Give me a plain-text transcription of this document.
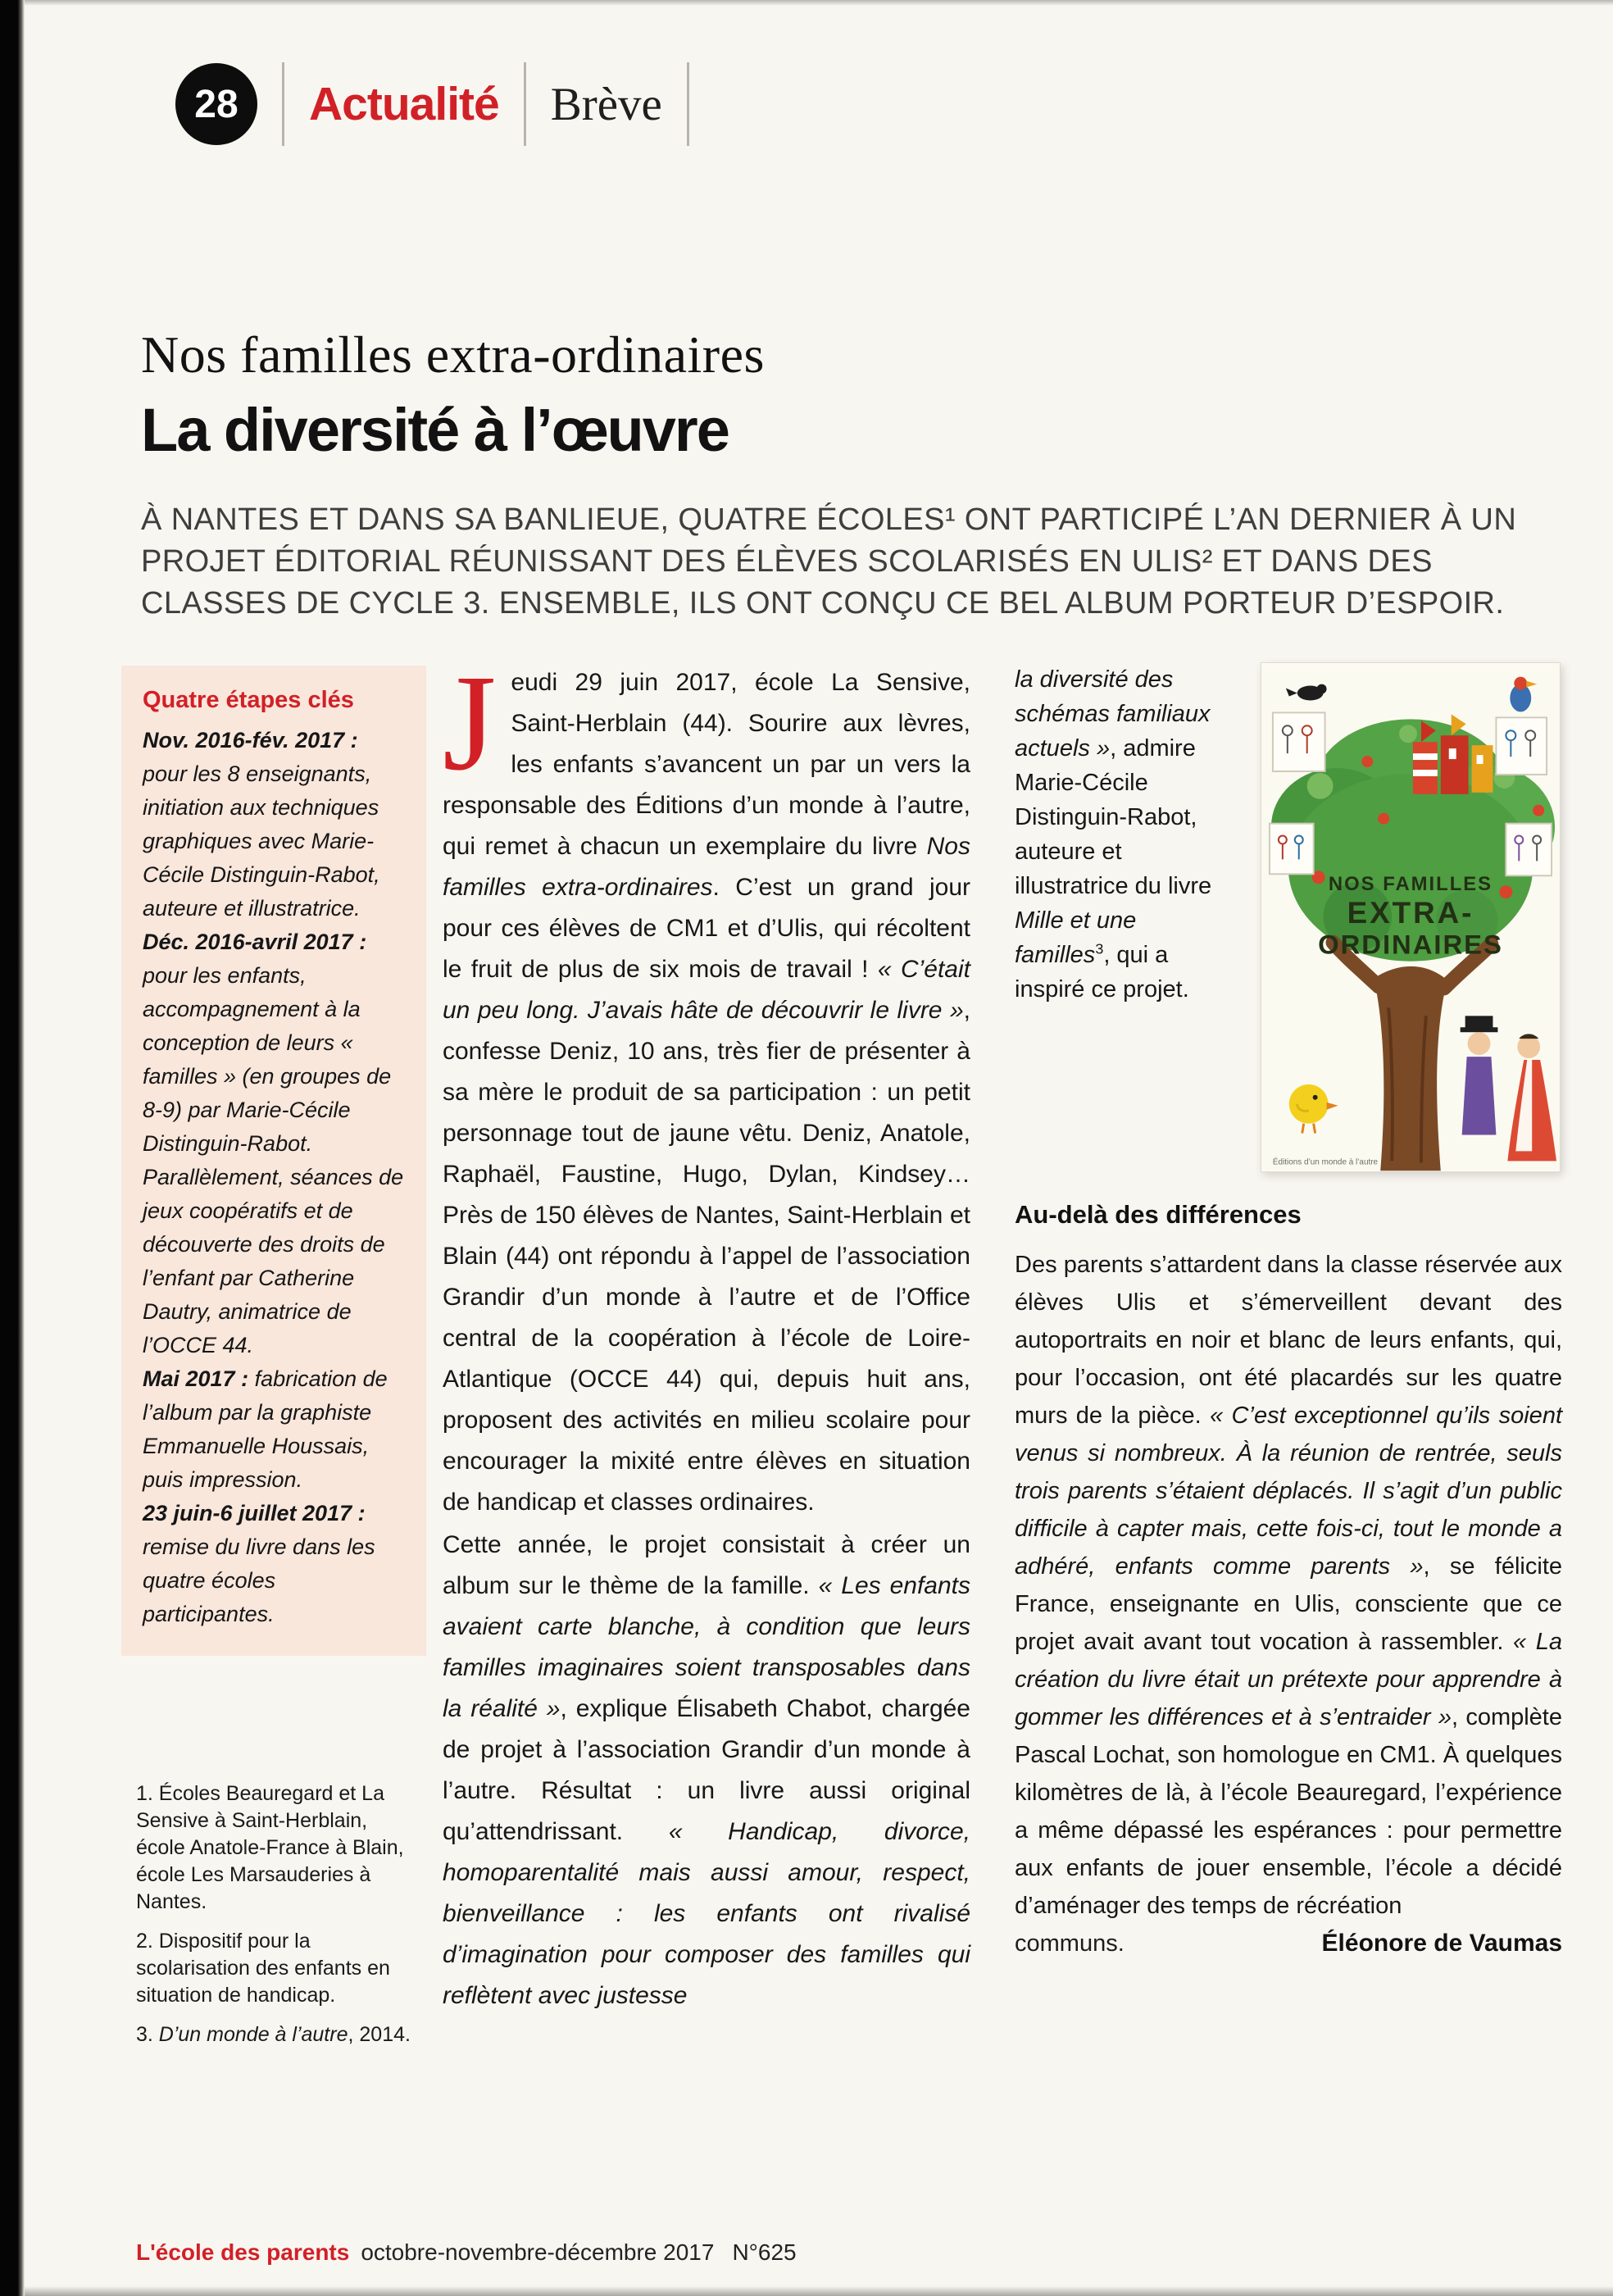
28 Actualité Brève
Nos familles extra-ordinaires
La diversité à l’œuvre

À NANTES ET DANS SA BANLIEUE, QUATRE ÉCOLES¹ ONT PARTICIPÉ L’AN DERNIER À UN PROJET ÉDITORIAL RÉUNISSANT DES ÉLÈVES SCOLARISÉS EN ULIS² ET DANS DES CLASSES DE CYCLE 3. ENSEMBLE, ILS ONT CONÇU CE BEL ALBUM PORTEUR D’ESPOIR.

Quatre étapes clés
Nov. 2016-fév. 2017 : pour les 8 enseignants, initiation aux techniques graphiques avec Marie-Cécile Distinguin-Rabot, auteure et illustratrice.
Déc. 2016-avril 2017 : pour les enfants, accompagnement à la conception de leurs « familles » (en groupes de 8-9) par Marie-Cécile Distinguin-Rabot. Parallèlement, séances de jeux coopératifs et de découverte des droits de l’enfant par Catherine Dautry, animatrice de l’OCCE 44.
Mai 2017 : fabrication de l’album par la graphiste Emmanuelle Houssais, puis impression.
23 juin-6 juillet 2017 : remise du livre dans les quatre écoles participantes.

1. Écoles Beauregard et La Sensive à Saint-Herblain, école Anatole-France à Blain, école Les Marsauderies à Nantes.

2. Dispositif pour la scolarisation des enfants en situation de handicap.

3. D’un monde à l’autre, 2014.

Jeudi 29 juin 2017, école La Sensive, Saint-Herblain (44). Sourire aux lèvres, les enfants s’avancent un par un vers la responsable des Éditions d’un monde à l’autre, qui remet à chacun un exemplaire du livre Nos familles extra-ordinaires. C’est un grand jour pour ces élèves de CM1 et d’Ulis, qui récoltent le fruit de plus de six mois de travail ! « C’était un peu long. J’avais hâte de découvrir le livre », confesse Deniz, 10 ans, très fier de présenter à sa mère le produit de sa participation : un petit personnage tout de jaune vêtu. Deniz, Anatole, Raphaël, Faustine, Hugo, Dylan, Kindsey… Près de 150 élèves de Nantes, Saint-Herblain et Blain (44) ont répondu à l’appel de l’association Grandir d’un monde à l’autre et de l’Office central de la coopération à l’école de Loire-Atlantique (OCCE 44) qui, depuis huit ans, proposent des activités en milieu scolaire pour encourager la mixité entre élèves en situation de handicap et classes ordinaires.

Cette année, le projet consistait à créer un album sur le thème de la famille. « Les enfants avaient carte blanche, à condition que leurs familles imaginaires soient transposables dans la réalité », explique Élisabeth Chabot, chargée de projet à l’association Grandir d’un monde à l’autre. Résultat : un livre aussi original qu’attendrissant. « Handicap, divorce, homoparentalité mais aussi amour, respect, bienveillance : les enfants ont rivalisé d’imagination pour composer des familles qui reflètent avec justesse

la diversité des schémas familiaux actuels », admire Marie-Cécile Distinguin-Rabot, auteure et illustratrice du livre Mille et une familles$^3$, qui a inspiré ce projet.

NOS FAMILLES
EXTRA-
ORDINAIRES
Éditions d’un monde à l’autre
Au-delà des différences

Des parents s’attardent dans la classe réservée aux élèves Ulis et s’émerveillent devant des autoportraits en noir et blanc de leurs enfants, qui, pour l’occasion, ont été placardés sur les quatre murs de la pièce. « C’est exceptionnel qu’ils soient venus si nombreux. À la réunion de rentrée, seuls trois parents s’étaient déplacés. Il s’agit d’un public difficile à capter mais, cette fois-ci, tout le monde a adhéré, enfants comme parents », se félicite France, enseignante en Ulis, consciente que ce projet avait avant tout vocation à rassembler. « La création du livre était un prétexte pour apprendre à gommer les différences et à s’entraider », complète Pascal Lochat, son homologue en CM1. À quelques kilomètres de là, à l’école Beauregard, l’expérience a même dépassé les espérances : pour permettre aux enfants de jouer ensemble, l’école a décidé d’aménager des temps de récréation

communs.	Éléonore de Vaumas
L'école des parents octobre-novembre-décembre 2017 N°625
